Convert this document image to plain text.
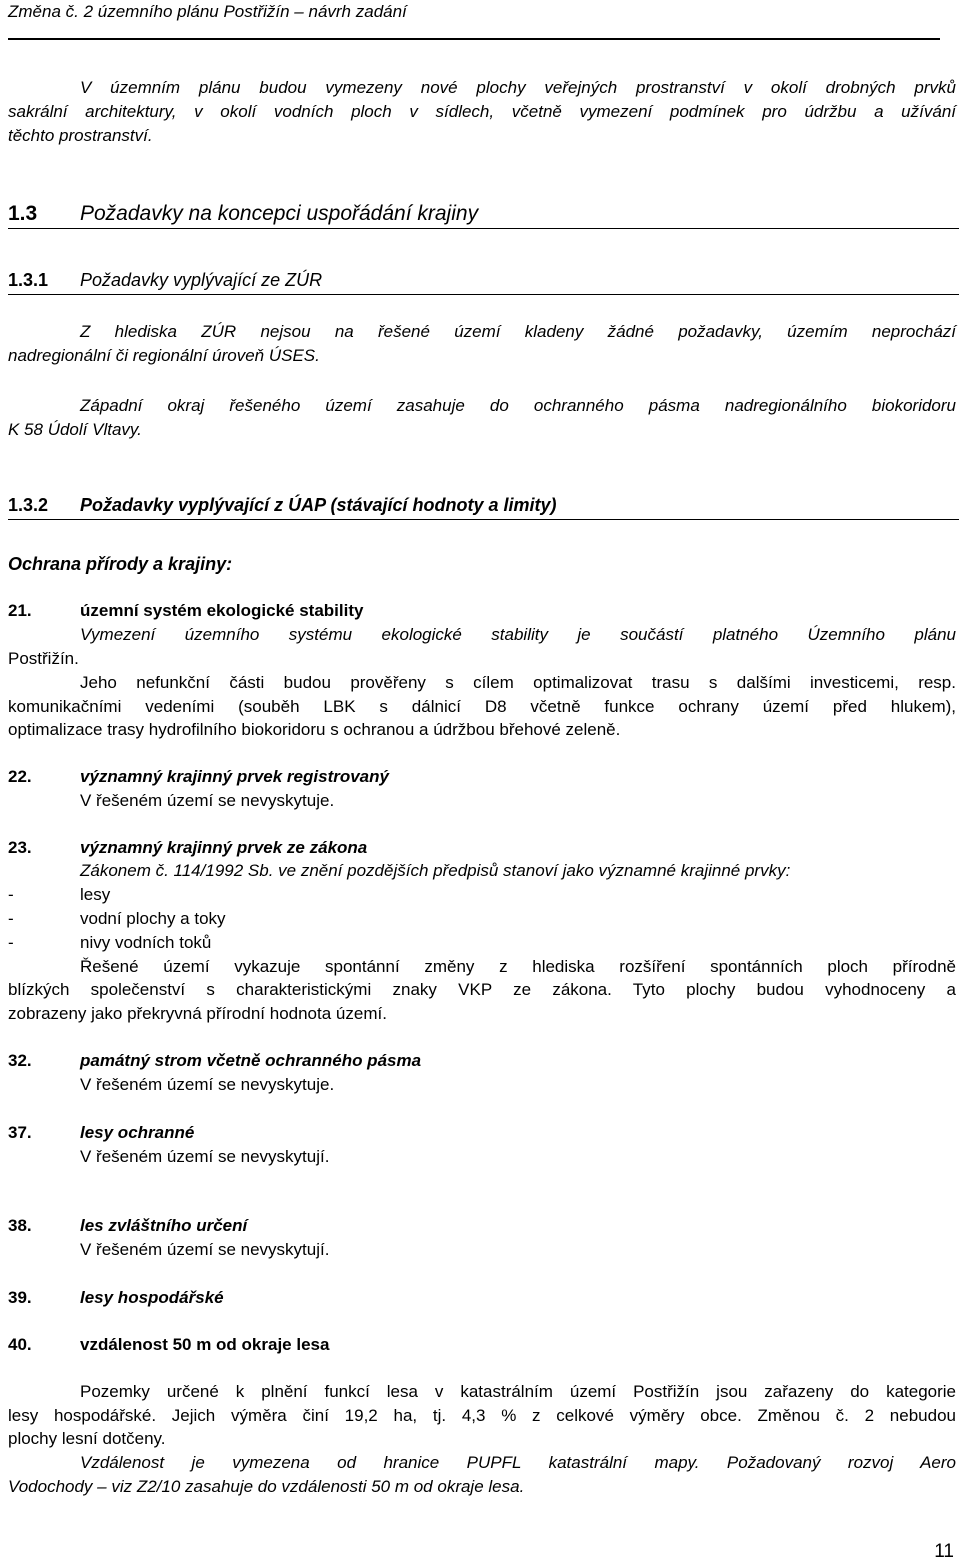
Změna č. 2 územního plánu Postřižín – návrh zadání
V územním plánu budou vymezeny nové plochy veřejných prostranství v okolí drobných prvků
sakrální architektury, v okolí vodních ploch v sídlech, včetně vymezení podmínek pro údržbu a užívání
těchto prostranství.
1.3 Požadavky na koncepci uspořádání krajiny
1.3.1 Požadavky vyplývající ze ZÚR
Z hlediska ZÚR nejsou na řešené území kladeny žádné požadavky, územím neprochází
nadregionální či regionální úroveň ÚSES.
Západní okraj řešeného území zasahuje do ochranného pásma nadregionálního biokoridoru
K 58 Údolí Vltavy.
1.3.2 Požadavky vyplývající z ÚAP (stávající hodnoty a limity)
Ochrana přírody a krajiny:
21.	územní systém ekologické stability
Vymezení územního systému ekologické stability je součástí platného Územního plánu
Postřižín.
Jeho nefunkční části budou prověřeny s cílem optimalizovat trasu s dalšími investicemi, resp.
komunikačními vedeními (souběh LBK s dálnicí D8 včetně funkce ochrany území před hlukem),
optimalizace trasy hydrofilního biokoridoru s ochranou a údržbou břehové zeleně.
22.	významný krajinný prvek registrovaný
V řešeném území se nevyskytuje.
23.	významný krajinný prvek ze zákona
Zákonem č. 114/1992 Sb. ve znění pozdějších předpisů stanoví jako významné krajinné prvky:
-	lesy
-	vodní plochy a toky
-	nivy vodních toků
Řešené území vykazuje spontánní změny z hlediska rozšíření spontánních ploch přírodně
blízkých společenství s charakteristickými znaky VKP ze zákona. Tyto plochy budou vyhodnoceny a
zobrazeny jako překryvná přírodní hodnota území.
32.	památný strom včetně ochranného pásma
V řešeném území se nevyskytuje.
37.	lesy ochranné
V řešeném území se nevyskytují.
38.	les zvláštního určení
V řešeném území se nevyskytují.
39.	lesy hospodářské
40.	vzdálenost 50 m od okraje lesa
Pozemky určené k plnění funkcí lesa v katastrálním území Postřižín jsou zařazeny do kategorie
lesy hospodářské. Jejich výměra činí 19,2 ha, tj. 4,3 % z celkové výměry obce. Změnou č. 2 nebudou
plochy lesní dotčeny.
Vzdálenost je vymezena od hranice PUPFL katastrální mapy. Požadovaný rozvoj Aero
Vodochody – viz Z2/10 zasahuje do vzdálenosti 50 m od okraje lesa.
11
